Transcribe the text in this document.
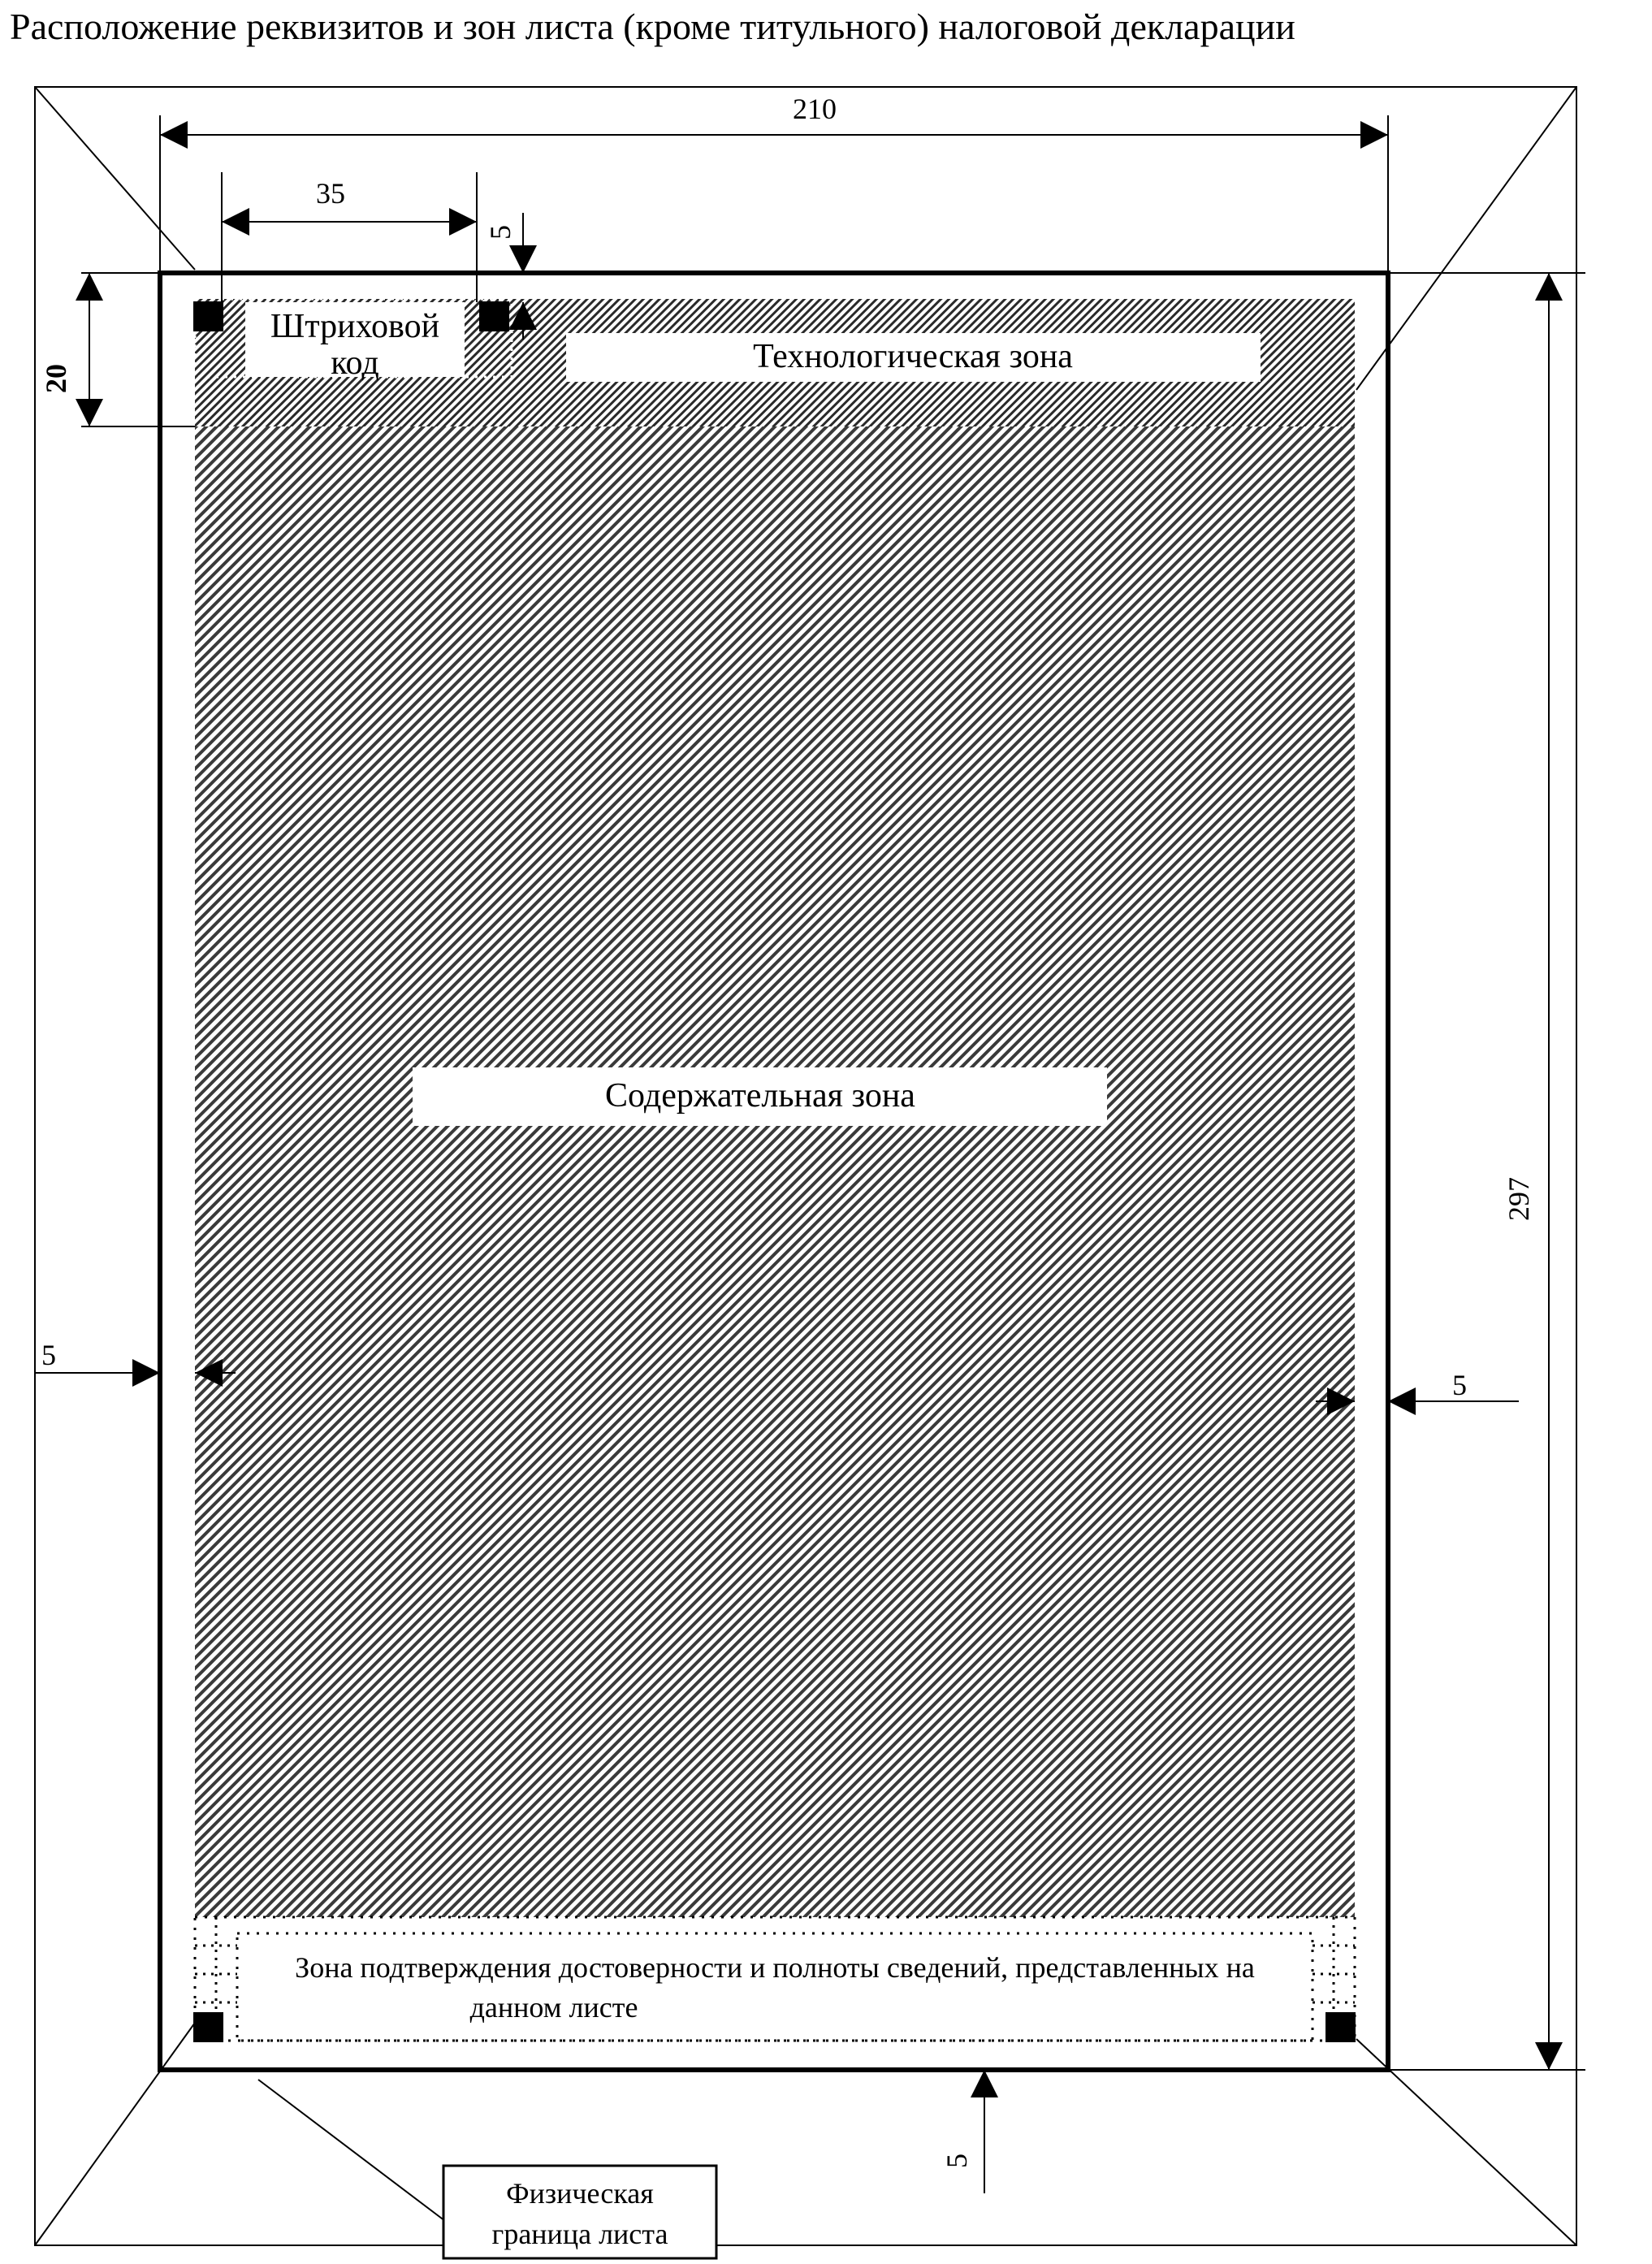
Расположение реквизитов и зон листа (кроме титульного) налоговой декларации
Штриховой
код	Технологическая зона
Содержательная зона
Зона подтверждения достоверности и полноты сведений, представленных на
данном листе
210
35
5
20
297
5
5
5
Физическая
граница листа
